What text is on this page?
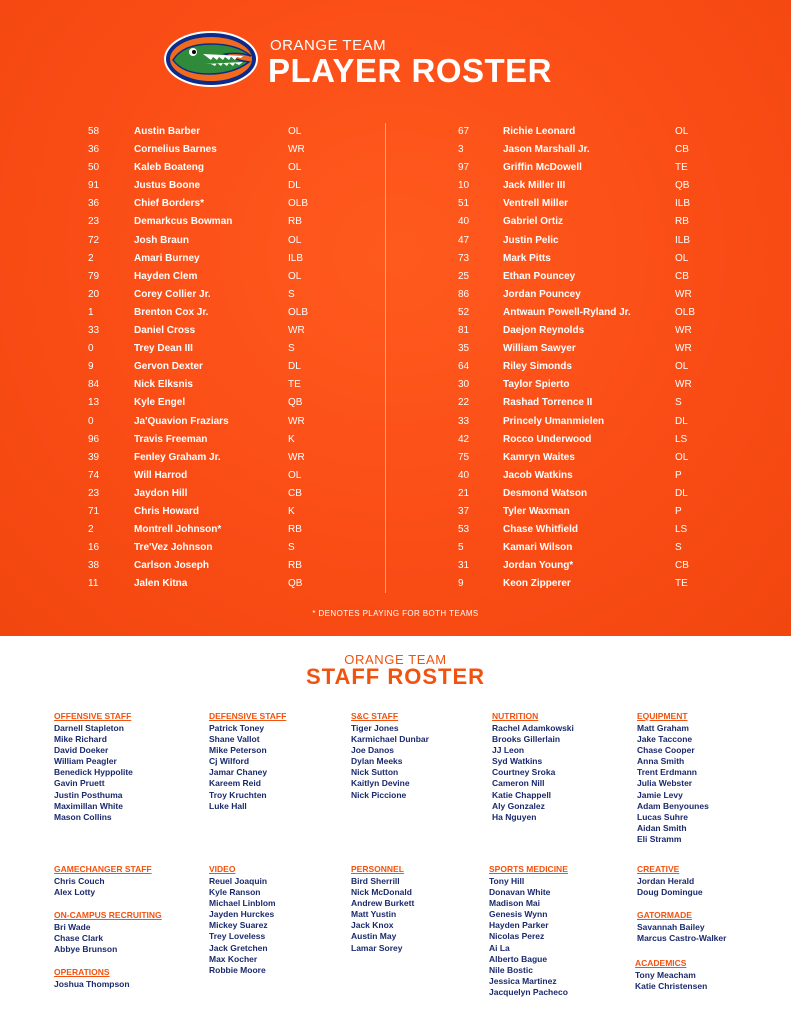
ORANGE TEAM
PLAYER ROSTER
58	Austin Barber	OL
36	Cornelius Barnes	WR
50	Kaleb Boateng	OL
91	Justus Boone	DL
36	Chief Borders*	OLB
23	Demarkcus Bowman	RB
72	Josh Braun	OL
2	Amari Burney	ILB
79	Hayden Clem	OL
20	Corey Collier Jr.	S
1	Brenton Cox Jr.	OLB
33	Daniel Cross	WR
0	Trey Dean III	S
9	Gervon Dexter	DL
84	Nick Elksnis	TE
13	Kyle Engel	QB
0	Ja'Quavion Fraziars	WR
96	Travis Freeman	K
39	Fenley Graham Jr.	WR
74	Will Harrod	OL
23	Jaydon Hill	CB
71	Chris Howard	K
2	Montrell Johnson*	RB
16	Tre'Vez Johnson	S
38	Carlson Joseph	RB
11	Jalen Kitna	QB
67	Richie Leonard	OL
3	Jason Marshall Jr.	CB
97	Griffin McDowell	TE
10	Jack Miller III	QB
51	Ventrell Miller	ILB
40	Gabriel Ortiz	RB
47	Justin Pelic	ILB
73	Mark Pitts	OL
25	Ethan Pouncey	CB
86	Jordan Pouncey	WR
52	Antwaun Powell-Ryland Jr.	OLB
81	Daejon Reynolds	WR
35	William Sawyer	WR
64	Riley Simonds	OL
30	Taylor Spierto	WR
22	Rashad Torrence II	S
33	Princely Umanmielen	DL
42	Rocco Underwood	LS
75	Kamryn Waites	OL
40	Jacob Watkins	P
21	Desmond Watson	DL
37	Tyler Waxman	P
53	Chase Whitfield	LS
5	Kamari Wilson	S
31	Jordan Young*	CB
9	Keon Zipperer	TE
* DENOTES PLAYING FOR BOTH TEAMS
ORANGE TEAM
STAFF ROSTER
OFFENSIVE STAFF
Darnell Stapleton
Mike Richard
David Doeker
William Peagler
Benedick Hyppolite
Gavin Pruett
Justin Posthuma
Maximillan White
Mason Collins
DEFENSIVE STAFF
Patrick Toney
Shane Vallot
Mike Peterson
Cj Wilford
Jamar Chaney
Kareem Reid
Troy Kruchten
Luke Hall
S&C STAFF
Tiger Jones
Karmichael Dunbar
Joe Danos
Dylan Meeks
Nick Sutton
Kaitlyn Devine
Nick Piccione
NUTRITION
Rachel Adamkowski
Brooks Gillerlain
JJ Leon
Syd Watkins
Courtney Sroka
Cameron Nill
Katie Chappell
Aly Gonzalez
Ha Nguyen
EQUIPMENT
Matt Graham
Jake Taccone
Chase Cooper
Anna Smith
Trent Erdmann
Julia Webster
Jamie Levy
Adam Benyounes
Lucas Suhre
Aidan Smith
Eli Stramm
GAMECHANGER STAFF
Chris Couch
Alex Lotty
ON-CAMPUS RECRUITING
Bri Wade
Chase Clark
Abbye Brunson
OPERATIONS
Joshua Thompson
VIDEO
Reuel Joaquin
Kyle Ranson
Michael Linblom
Jayden Hurckes
Mickey Suarez
Trey Loveless
Jack Gretchen
Max Kocher
Robbie Moore
PERSONNEL
Bird Sherrill
Nick McDonald
Andrew Burkett
Matt Yustin
Jack Knox
Austin May
Lamar Sorey
SPORTS MEDICINE
Tony Hill
Donavan White
Madison Mai
Genesis Wynn
Hayden Parker
Nicolas Perez
Ai La
Alberto Bague
Nile Bostic
Jessica Martinez
Jacquelyn Pacheco
CREATIVE
Jordan Herald
Doug Domingue
GATORMADE
Savannah Bailey
Marcus Castro-Walker
ACADEMICS
Tony Meacham
Katie Christensen
